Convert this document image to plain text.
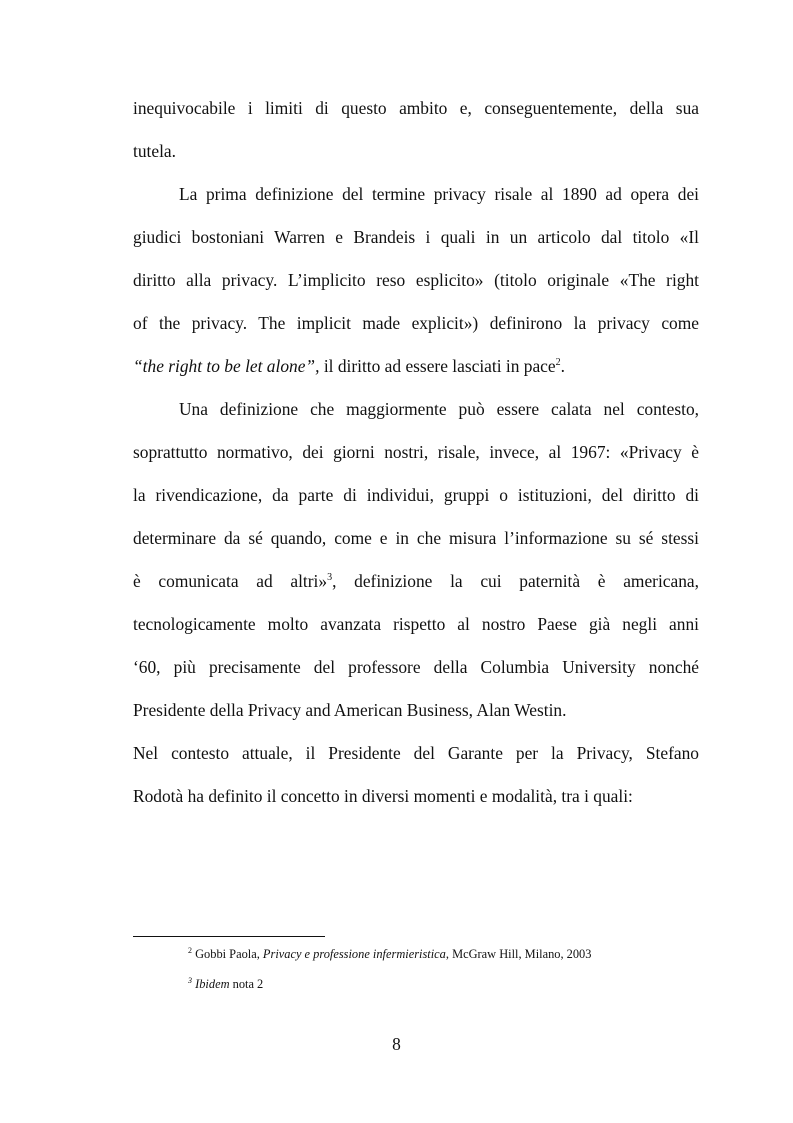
inequivocabile i limiti di questo ambito e, conseguentemente, della sua
tutela.
La prima definizione del termine privacy risale al 1890 ad opera dei
giudici bostoniani Warren e Brandeis i quali in un articolo dal titolo «Il
diritto alla privacy. L’implicito reso esplicito» (titolo originale «The right
of the privacy. The implicit made explicit») definirono la privacy come
“the right to be let alone”, il diritto ad essere lasciati in pace$^2$.
Una definizione che maggiormente può essere calata nel contesto,
soprattutto normativo, dei giorni nostri, risale, invece, al 1967: «Privacy è
la rivendicazione, da parte di individui, gruppi o istituzioni, del diritto di
determinare da sé quando, come e in che misura l’informazione su sé stessi
è comunicata ad altri»$^3$, definizione la cui paternità è americana,
tecnologicamente molto avanzata rispetto al nostro Paese già negli anni
‘60, più precisamente del professore della Columbia University nonché
Presidente della Privacy and American Business, Alan Westin.
Nel contesto attuale, il Presidente del Garante per la Privacy, Stefano
Rodotà ha definito il concetto in diversi momenti e modalità, tra i quali:
$^2$ Gobbi Paola, Privacy e professione infermieristica, McGraw Hill, Milano, 2003
$^3$ Ibidem nota 2
8
